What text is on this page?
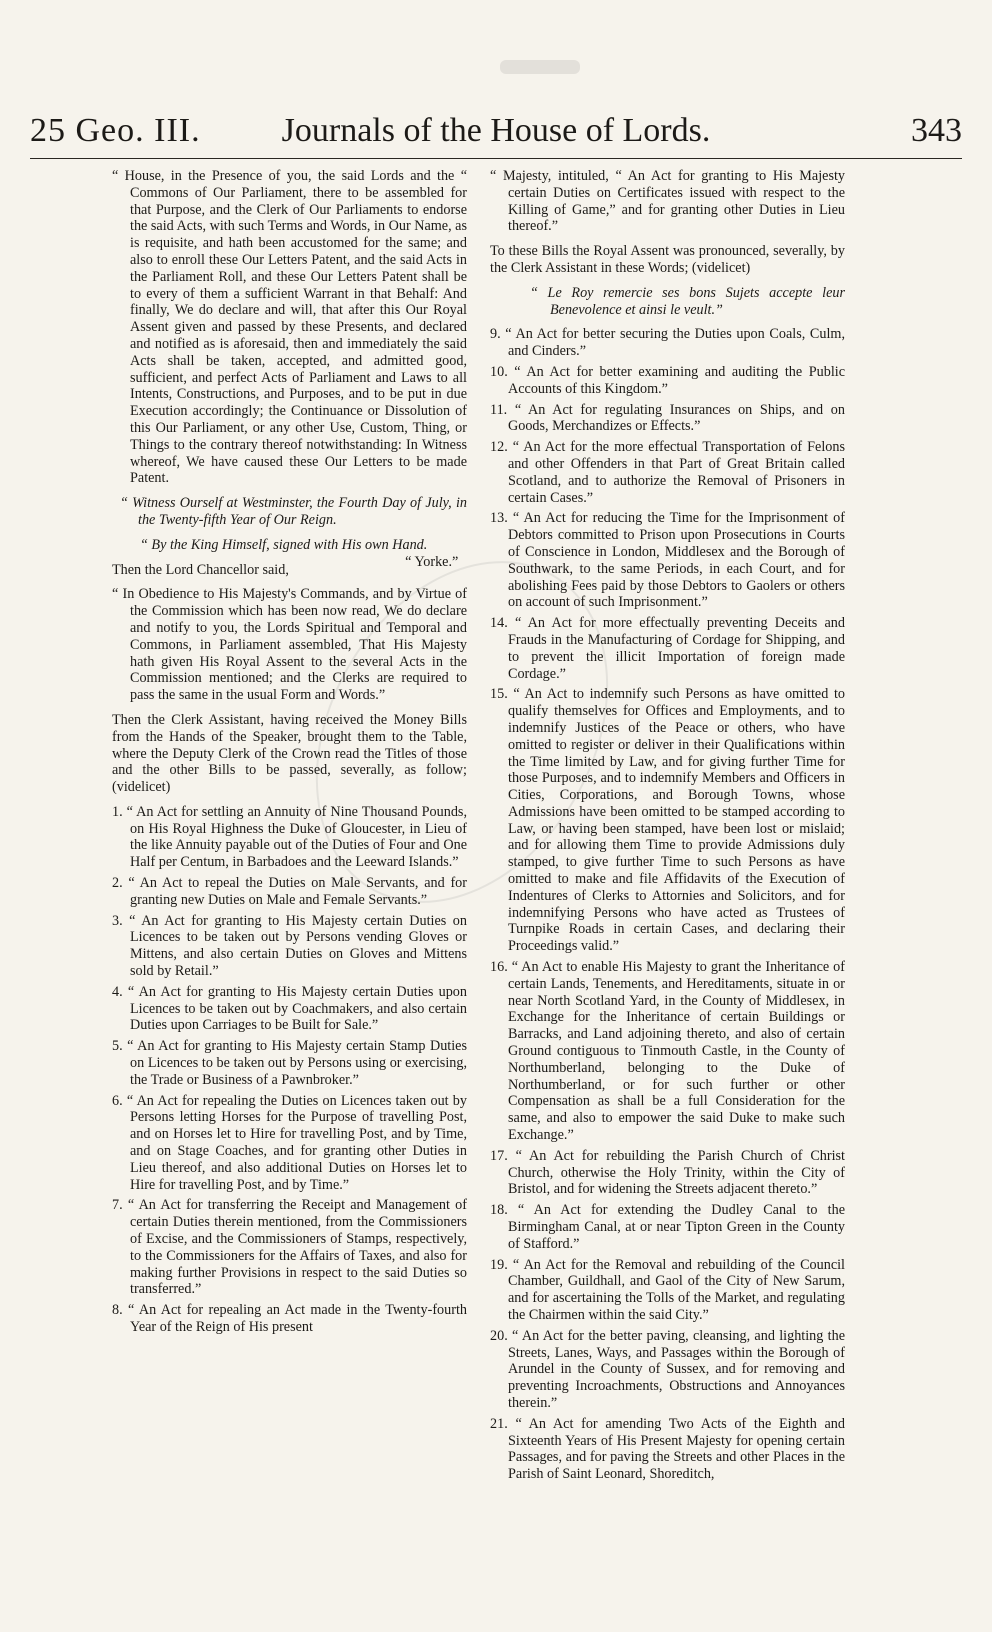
25 Geo. III.	Journals of the House of Lords.	343

“ House, in the Presence of you, the said Lords and the “ Commons of Our Parliament, there to be assembled for that Purpose, and the Clerk of Our Parliaments to endorse the said Acts, with such Terms and Words, in Our Name, as is requisite, and hath been accustomed for the same; and also to enroll these Our Letters Patent, and the said Acts in the Parliament Roll, and these Our Letters Patent shall be to every of them a sufficient Warrant in that Behalf: And finally, We do declare and will, that after this Our Royal Assent given and passed by these Presents, and declared and notified as is aforesaid, then and immediately the said Acts shall be taken, accepted, and admitted good, sufficient, and perfect Acts of Parliament and Laws to all Intents, Constructions, and Purposes, and to be put in due Execution accordingly; the Continuance or Dissolution of this Our Parliament, or any other Use, Custom, Thing, or Things to the contrary thereof notwithstanding: In Witness whereof, We have caused these Our Letters to be made Patent.

“ Witness Ourself at Westminster, the Fourth Day of July, in the Twenty-fifth Year of Our Reign.

“ By the King Himself, signed with His own Hand.
“ Yorke.”

Then the Lord Chancellor said,

“ In Obedience to His Majesty's Commands, and by Virtue of the Commission which has been now read, We do declare and notify to you, the Lords Spiritual and Temporal and Commons, in Parliament assembled, That His Majesty hath given His Royal Assent to the several Acts in the Commission mentioned; and the Clerks are required to pass the same in the usual Form and Words.”

Then the Clerk Assistant, having received the Money Bills from the Hands of the Speaker, brought them to the Table, where the Deputy Clerk of the Crown read the Titles of those and the other Bills to be passed, severally, as follow; (videlicet)

1. “ An Act for settling an Annuity of Nine Thousand Pounds, on His Royal Highness the Duke of Gloucester, in Lieu of the like Annuity payable out of the Duties of Four and One Half per Centum, in Barbadoes and the Leeward Islands.”

2. “ An Act to repeal the Duties on Male Servants, and for granting new Duties on Male and Female Servants.”

3. “ An Act for granting to His Majesty certain Duties on Licences to be taken out by Persons vending Gloves or Mittens, and also certain Duties on Gloves and Mittens sold by Retail.”

4. “ An Act for granting to His Majesty certain Duties upon Licences to be taken out by Coachmakers, and also certain Duties upon Carriages to be Built for Sale.”

5. “ An Act for granting to His Majesty certain Stamp Duties on Licences to be taken out by Persons using or exercising, the Trade or Business of a Pawnbroker.”

6. “ An Act for repealing the Duties on Licences taken out by Persons letting Horses for the Purpose of travelling Post, and on Horses let to Hire for travelling Post, and by Time, and on Stage Coaches, and for granting other Duties in Lieu thereof, and also additional Duties on Horses let to Hire for travelling Post, and by Time.”

7. “ An Act for transferring the Receipt and Management of certain Duties therein mentioned, from the Commissioners of Excise, and the Commissioners of Stamps, respectively, to the Commissioners for the Affairs of Taxes, and also for making further Provisions in respect to the said Duties so transferred.”

8. “ An Act for repealing an Act made in the Twenty-fourth Year of the Reign of His present

“ Majesty, intituled, “ An Act for granting to His Majesty certain Duties on Certificates issued with respect to the Killing of Game,” and for granting other Duties in Lieu thereof.”

To these Bills the Royal Assent was pronounced, severally, by the Clerk Assistant in these Words; (videlicet)

“ Le Roy remercie ses bons Sujets accepte leur Benevolence et ainsi le veult.”

9. “ An Act for better securing the Duties upon Coals, Culm, and Cinders.”

10. “ An Act for better examining and auditing the Public Accounts of this Kingdom.”

11. “ An Act for regulating Insurances on Ships, and on Goods, Merchandizes or Effects.”

12. “ An Act for the more effectual Transportation of Felons and other Offenders in that Part of Great Britain called Scotland, and to authorize the Removal of Prisoners in certain Cases.”

13. “ An Act for reducing the Time for the Imprisonment of Debtors committed to Prison upon Prosecutions in Courts of Conscience in London, Middlesex and the Borough of Southwark, to the same Periods, in each Court, and for abolishing Fees paid by those Debtors to Gaolers or others on account of such Imprisonment.”

14. “ An Act for more effectually preventing Deceits and Frauds in the Manufacturing of Cordage for Shipping, and to prevent the illicit Importation of foreign made Cordage.”

15. “ An Act to indemnify such Persons as have omitted to qualify themselves for Offices and Employments, and to indemnify Justices of the Peace or others, who have omitted to register or deliver in their Qualifications within the Time limited by Law, and for giving further Time for those Purposes, and to indemnify Members and Officers in Cities, Corporations, and Borough Towns, whose Admissions have been omitted to be stamped according to Law, or having been stamped, have been lost or mislaid; and for allowing them Time to provide Admissions duly stamped, to give further Time to such Persons as have omitted to make and file Affidavits of the Execution of Indentures of Clerks to Attornies and Solicitors, and for indemnifying Persons who have acted as Trustees of Turnpike Roads in certain Cases, and declaring their Proceedings valid.”

16. “ An Act to enable His Majesty to grant the Inheritance of certain Lands, Tenements, and Hereditaments, situate in or near North Scotland Yard, in the County of Middlesex, in Exchange for the Inheritance of certain Buildings or Barracks, and Land adjoining thereto, and also of certain Ground contiguous to Tinmouth Castle, in the County of Northumberland, belonging to the Duke of Northumberland, or for such further or other Compensation as shall be a full Consideration for the same, and also to empower the said Duke to make such Exchange.”

17. “ An Act for rebuilding the Parish Church of Christ Church, otherwise the Holy Trinity, within the City of Bristol, and for widening the Streets adjacent thereto.”

18. “ An Act for extending the Dudley Canal to the Birmingham Canal, at or near Tipton Green in the County of Stafford.”

19. “ An Act for the Removal and rebuilding of the Council Chamber, Guildhall, and Gaol of the City of New Sarum, and for ascertaining the Tolls of the Market, and regulating the Chairmen within the said City.”

20. “ An Act for the better paving, cleansing, and lighting the Streets, Lanes, Ways, and Passages within the Borough of Arundel in the County of Sussex, and for removing and preventing Incroachments, Obstructions and Annoyances therein.”

21. “ An Act for amending Two Acts of the Eighth and Sixteenth Years of His Present Majesty for opening certain Passages, and for paving the Streets and other Places in the Parish of Saint Leonard, Shoreditch,
